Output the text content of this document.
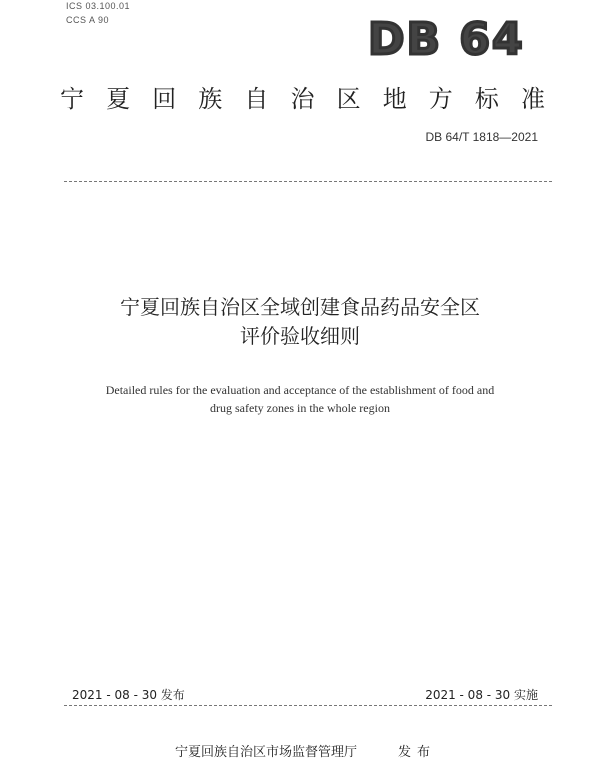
ICS 03.100.01
CCS A 90	DB 64
宁夏回族自治区地方标准
DB 64/T 1818—2021
宁夏回族自治区全域创建食品药品安全区
评价验收细则
Detailed rules for the evaluation and acceptance of the establishment of food and
drug safety zones in the whole region
2021 - 08 - 30 发布	2021 - 08 - 30 实施
宁夏回族自治区市场监督管理厅	发布
